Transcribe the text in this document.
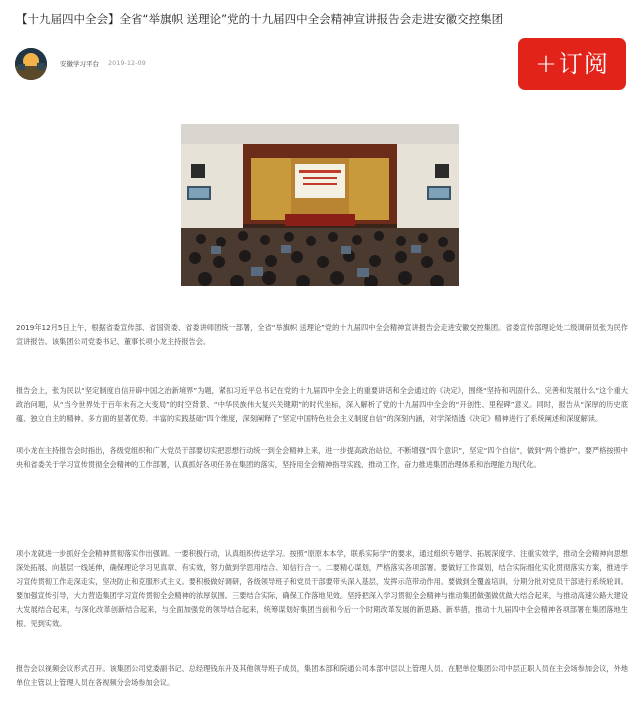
【十九届四中全会】全省“举旗帜 送理论”党的十九届四中全会精神宣讲报告会走进安徽交控集团
安徽学习平台 2019-12-09	+ 订阅
2019年12月5日上午，根据省委宣传部、省国资委、省委讲师团统一部署，全省“举旗帜 送理论”党的十九届四中全会精神宣讲报告会走进安徽交控集团。省委宣传部理论处二级调研员张为民作宣讲报告。该集团公司党委书记、董事长项小龙主持报告会。
报告会上，张为民以“坚定制度自信开辟中国之治新境界”为题，紧扣习近平总书记在党的十九届四中全会上的重要讲话和全会通过的《决定》，围绕“坚持和巩固什么、完善和发展什么”这个重大政治问题，从“当今世界处于百年未有之大变局”的时空背景、“中华民族伟大复兴关键期”的时代坐标，深入解析了党的十九届四中全会的“开创性、里程碑”意义。同时，报告从“深厚的历史底蕴、独立自主的精神、多方面的显著优势、丰富的实践基础”四个维度，深刻阐释了“坚定中国特色社会主义制度自信”的深刻内涵，对学深悟透《决定》精神进行了系统阐述和深度解读。
项小龙在主持报告会时指出，各级党组织和广大党员干部要切实把思想行动统一到全会精神上来，进一步提高政治站位，不断增强“四个意识”，坚定“四个自信”，做到“两个维护”。要严格按照中央和省委关于学习宣传贯彻全会精神的工作部署，认真抓好各项任务在集团的落实，坚持用全会精神指导实践、推动工作，奋力推进集团治理体系和治理能力现代化。
项小龙就进一步抓好全会精神贯彻落实作出强调。一要积极行动，认真组织传达学习。按照“原原本本学，联系实际学”的要求，通过组织专题学、拓展深度学、注重实效学，推动全会精神向思想深处拓展、向基层一线延伸，确保理论学习见真章、有实效，努力做到学思用结合、知信行合一。二要精心谋划，严格落实各项部署。要做好工作谋划，结合实际细化实化贯彻落实方案，推进学习宣传贯彻工作走深走实，坚决防止和克服形式主义。要积极做好调研，各级领导班子和党员干部要带头深入基层，发挥示范带动作用。要做到全覆盖培训，分期分批对党员干部进行系统轮训。要加强宣传引导，大力营造集团学习宣传贯彻全会精神的浓厚氛围。三要结合实际，确保工作落地见效。坚持把深入学习贯彻全会精神与推动集团做强做优做大结合起来，与推动高速公路大建设大发展结合起来，与深化改革创新结合起来，与全面加强党的领导结合起来，统筹谋划好集团当前和今后一个时期改革发展的新思路、新举措，推动十九届四中全会精神各项部署在集团落地生根、见到实效。
报告会以视频会议形式召开。该集团公司党委副书记、总经理钱东升及其他领导班子成员，集团本部和院通公司本部中层以上管理人员、在肥单位集团公司中层正职人员在主会场参加会议，外地单位主管以上管理人员在各视频分会场参加会议。
